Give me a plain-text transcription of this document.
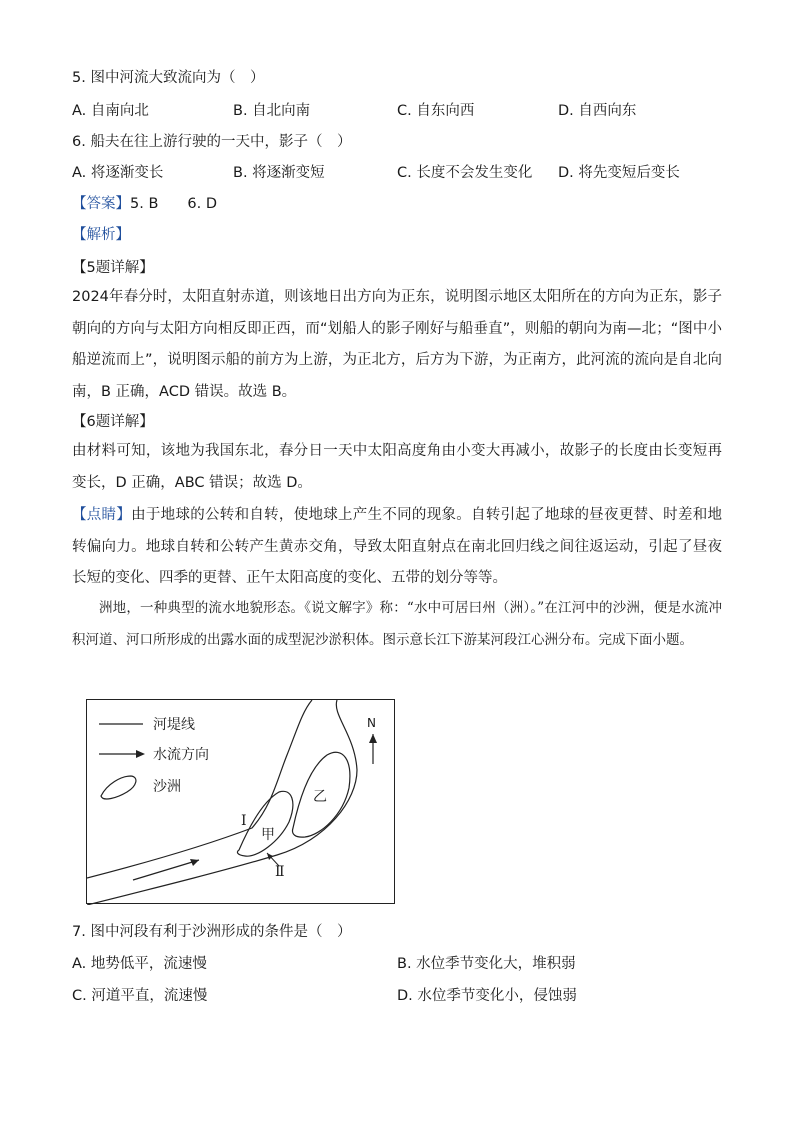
5. 图中河流大致流向为（　）
A. 自南向北	B. 自北向南	C. 自东向西	D. 自西向东
6. 船夫在往上游行驶的一天中，影子（　）
A. 将逐渐变长	B. 将逐渐变短	C. 长度不会发生变化 D. 将先变短后变长
【答案】5. B　　6. D
【解析】
【5题详解】
2024年春分时，太阳直射赤道，则该地日出方向为正东，说明图示地区太阳所在的方向为正东，影子朝向的方向与太阳方向相反即正西，而“划船人的影子刚好与船垂直”，则船的朝向为南—北；“图中小船逆流而上”，说明图示船的前方为上游，为正北方，后方为下游，为正南方，此河流的流向是自北向南，B 正确，ACD 错误。故选 B。
【6题详解】
由材料可知，该地为我国东北，春分日一天中太阳高度角由小变大再减小，故影子的长度由长变短再变长，D 正确，ABC 错误；故选 D。
【点睛】由于地球的公转和自转，使地球上产生不同的现象。自转引起了地球的昼夜更替、时差和地转偏向力。地球自转和公转产生黄赤交角，导致太阳直射点在南北回归线之间往返运动，引起了昼夜长短的变化、四季的更替、正午太阳高度的变化、五带的划分等等。
洲地，一种典型的流水地貌形态。《说文解字》称：“水中可居曰州（洲）。”在江河中的沙洲，便是水流冲积河道、河口所形成的出露水面的成型泥沙淤积体。图示意长江下游某河段江心洲分布。完成下面小题。
河堤线
水流方向
沙洲
N
甲
乙
Ⅰ
Ⅱ
7. 图中河段有利于沙洲形成的条件是（　）
A. 地势低平，流速慢	B. 水位季节变化大，堆积弱
C. 河道平直，流速慢	D. 水位季节变化小，侵蚀弱
